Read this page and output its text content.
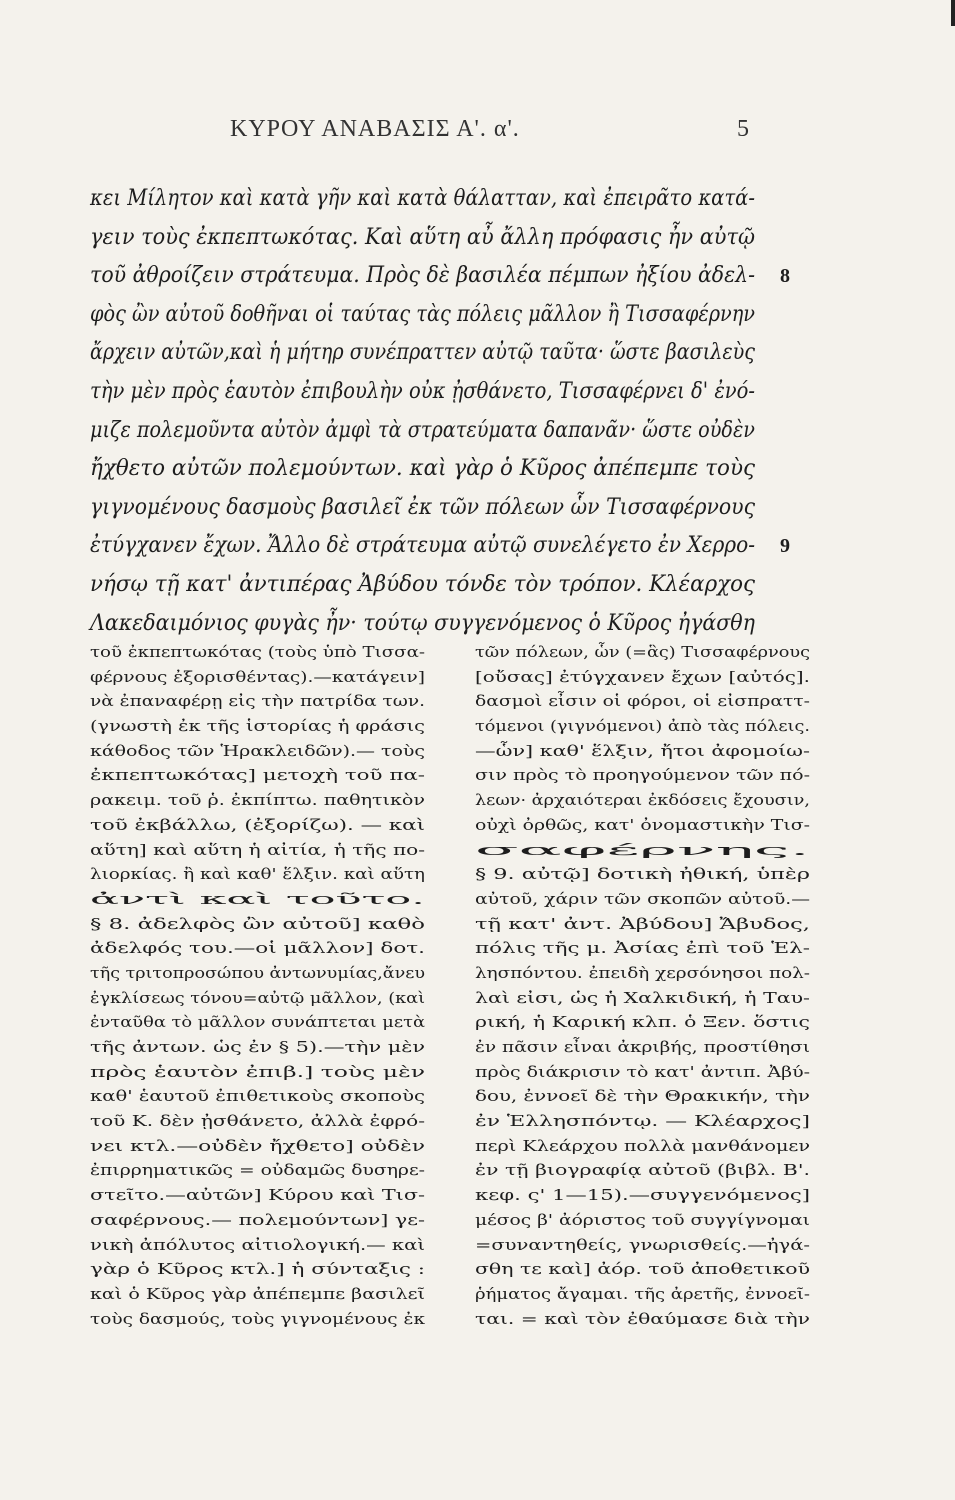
ΚΥΡΟΥ ΑΝΑΒΑΣΙΣ Α'. α'.	5
κει Μίλητον καὶ κατὰ γῆν καὶ κατὰ θάλατταν, καὶ ἐπειρᾶτο κατά-
γειν τοὺς ἐκπεπτωκότας. Καὶ αὕτη αὖ ἄλλη πρόφασις ἦν αὐτῷ
τοῦ ἀθροίζειν στράτευμα. Πρὸς δὲ βασιλέα πέμπων ἠξίου ἀδελ- 8
φὸς ὢν αὐτοῦ δοθῆναι οἱ ταύτας τὰς πόλεις μᾶλλον ἢ Τισσαφέρνην
ἄρχειν αὐτῶν,καὶ ἡ μήτηρ συνέπραττεν αὐτῷ ταῦτα· ὥστε βασιλεὺς
τὴν μὲν πρὸς ἑαυτὸν ἐπιβουλὴν οὐκ ᾐσθάνετο, Τισσαφέρνει δ' ἐνό-
μιζε πολεμοῦντα αὐτὸν ἀμφὶ τὰ στρατεύματα δαπανᾶν· ὥστε οὐδὲν
ἤχθετο αὐτῶν πολεμούντων. καὶ γὰρ ὁ Κῦρος ἀπέπεμπε τοὺς
γιγνομένους δασμοὺς βασιλεῖ ἐκ τῶν πόλεων ὧν Τισσαφέρνους
ἐτύγχανεν ἔχων. Ἄλλο δὲ στράτευμα αὐτῷ συνελέγετο ἐν Χερρο- 9
νήσῳ τῇ κατ' ἀντιπέρας Ἀβύδου τόνδε τὸν τρόπον. Κλέαρχος
Λακεδαιμόνιος φυγὰς ἦν· τούτῳ συγγενόμενος ὁ Κῦρος ἠγάσθη
τοῦ ἐκπεπτωκότας (τοὺς ὑπὸ Τισσα-
φέρνους ἐξορισθέντας).—κατάγειν]
νὰ ἐπαναφέρῃ εἰς τὴν πατρίδα των.
(γνωστὴ ἐκ τῆς ἱστορίας ἡ φράσις
κάθοδος τῶν Ἡρακλειδῶν).— τοὺς
ἐκπεπτωκότας] μετοχὴ τοῦ πα-
ρακειμ. τοῦ ῥ. ἐκπίπτω. παθητικὸν
τοῦ ἐκβάλλω, (ἐξορίζω). — καὶ
αὕτη] καὶ αὕτη ἡ αἰτία, ἡ τῆς πο-
λιορκίας. ἢ καὶ καθ' ἕλξιν. καὶ αὕτη
ἀντὶ καὶ τοῦτο.
§ 8. ἀδελφὸς ὢν αὐτοῦ] καθὸ
ἀδελφός του.—οἱ μᾶλλον] δοτ.
τῆς τριτοπροσώπου ἀντωνυμίας,ἄνευ
ἐγκλίσεως τόνου=αὐτῷ μᾶλλον, (καὶ
ἐνταῦθα τὸ μᾶλλον συνάπτεται μετὰ
τῆς ἀντων. ὡς ἐν § 5).—τὴν μὲν
πρὸς ἑαυτὸν ἐπιβ.] τοὺς μὲν
καθ' ἑαυτοῦ ἐπιθετικοὺς σκοποὺς
τοῦ Κ. δὲν ᾐσθάνετο, ἀλλὰ ἐφρό-
νει κτλ.—οὐδὲν ἤχθετο] οὐδὲν
ἐπιρρηματικῶς = οὐδαμῶς δυσηρε-
στεῖτο.—αὐτῶν] Κύρου καὶ Τισ-
σαφέρνους.— πολεμούντων] γε-
νικὴ ἀπόλυτος αἰτιολογική.— καὶ
γὰρ ὁ Κῦρος κτλ.] ἡ σύνταξις :
καὶ ὁ Κῦρος γὰρ ἀπέπεμπε βασιλεῖ
τοὺς δασμούς, τοὺς γιγνομένους ἐκ
τῶν πόλεων, ὧν (=ἃς) Τισσαφέρνους
[οὔσας] ἐτύγχανεν ἔχων [αὐτός].
δασμοὶ εἶσιν οἱ φόροι, οἱ εἰσπραττ-
τόμενοι (γιγνόμενοι) ἀπὸ τὰς πόλεις.
—ὧν] καθ' ἕλξιν, ἤτοι ἀφομοίω-
σιν πρὸς τὸ προηγούμενον τῶν πό-
λεων· ἀρχαιότεραι ἐκδόσεις ἔχουσιν,
οὐχὶ ὀρθῶς, κατ' ὀνομαστικὴν Τισ-
σαφέρνης.
§ 9. αὐτῷ] δοτικὴ ἠθική, ὑπὲρ
αὐτοῦ, χάριν τῶν σκοπῶν αὐτοῦ.—
τῇ κατ' ἀντ. Ἀβύδου] Ἄβυδος,
πόλις τῆς μ. Ἀσίας ἐπὶ τοῦ Ἑλ-
λησπόντου. ἐπειδὴ χερσόνησοι πολ-
λαὶ εἰσι, ὡς ἡ Χαλκιδική, ἡ Ταυ-
ρική, ἡ Καρική κλπ. ὁ Ξεν. ὅστις
ἐν πᾶσιν εἶναι ἀκριβής, προστίθησι
πρὸς διάκρισιν τὸ κατ' ἀντιπ. Ἀβύ-
δου, ἐννοεῖ δὲ τὴν Θρακικήν, τὴν
ἐν Ἑλλησπόντῳ. — Κλέαρχος]
περὶ Κλεάρχου πολλὰ μανθάνομεν
ἐν τῇ βιογραφίᾳ αὐτοῦ (βιβλ. Β'.
κεφ. ς' 1—15).—συγγενόμενος]
μέσος β' ἀόριστος τοῦ συγγίγνομαι
=συναντηθείς, γνωρισθείς.—ἠγά-
σθη τε καὶ] ἀόρ. τοῦ ἀποθετικοῦ
ῥήματος ἄγαμαι. τῆς ἀρετῆς, ἐννοεῖ-
ται. = καὶ τὸν ἐθαύμασε διὰ τὴν
